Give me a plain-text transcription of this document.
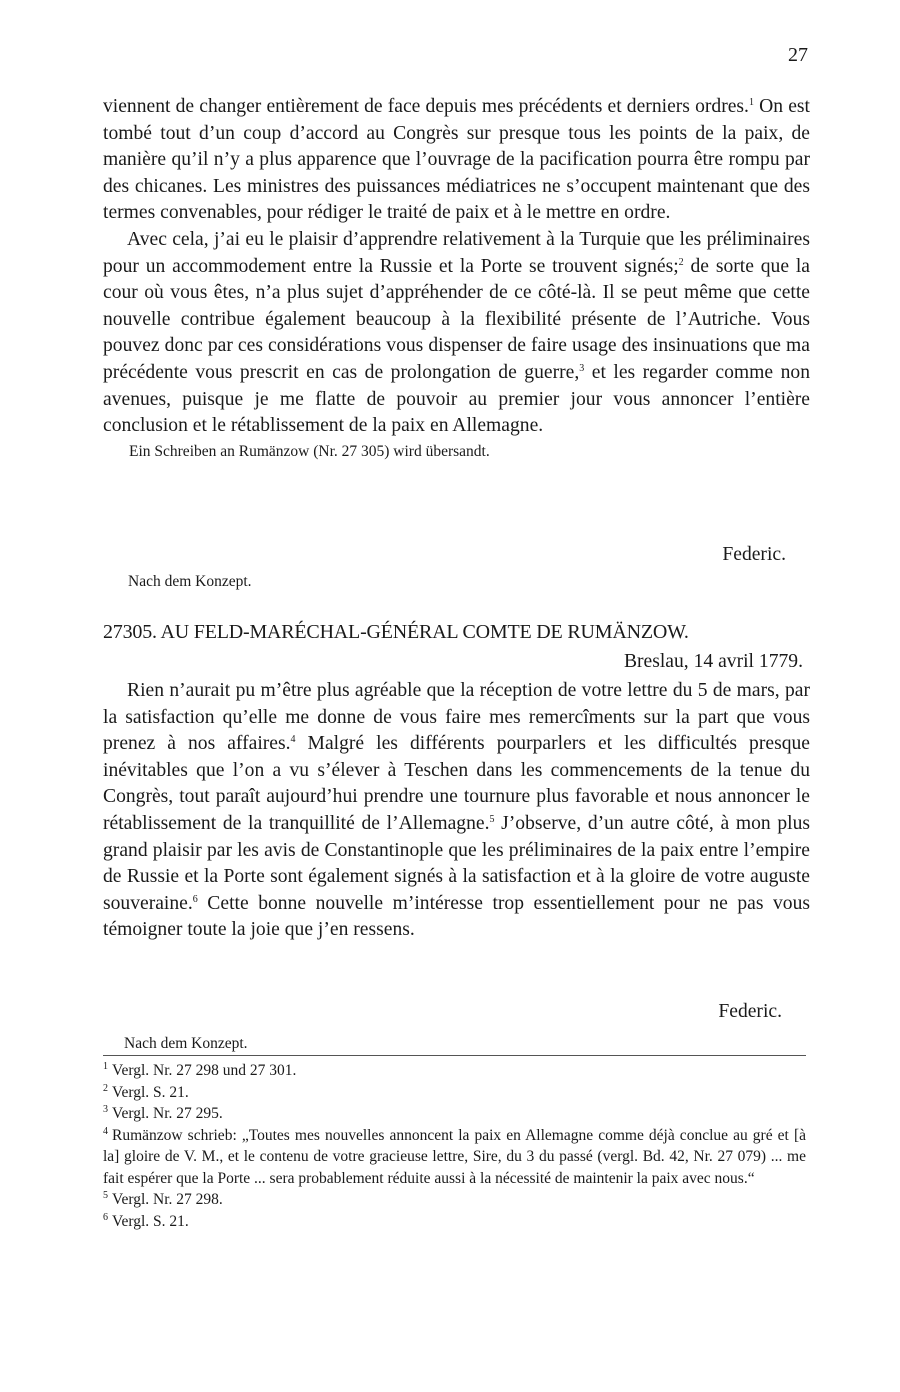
27

viennent de changer entièrement de face depuis mes précédents et derniers ordres.$^1$ On est tombé tout d’un coup d’accord au Congrès sur presque tous les points de la paix, de manière qu’il n’y a plus apparence que l’ouvrage de la pacification pourra être rompu par des chicanes. Les ministres des puissances médiatrices ne s’occupent maintenant que des termes convenables, pour rédiger le traité de paix et à le mettre en ordre.

Avec cela, j’ai eu le plaisir d’apprendre relativement à la Turquie que les préliminaires pour un accommodement entre la Russie et la Porte se trouvent signés;$^2$ de sorte que la cour où vous êtes, n’a plus sujet d’appréhender de ce côté-là. Il se peut même que cette nouvelle contribue également beaucoup à la flexibilité présente de l’Autriche. Vous pouvez donc par ces considérations vous dispenser de faire usage des insinuations que ma précédente vous prescrit en cas de prolongation de guerre,$^3$ et les regarder comme non avenues, puisque je me flatte de pouvoir au premier jour vous annoncer l’entière conclusion et le rétablissement de la paix en Allemagne.

Ein Schreiben an Rumänzow (Nr. 27 305) wird übersandt.

Federic.
Nach dem Konzept.
27305. AU FELD-MARÉCHAL-GÉNÉRAL COMTE DE RUMÄNZOW.
Breslau, 14 avril 1779.

Rien n’aurait pu m’être plus agréable que la réception de votre lettre du 5 de mars, par la satisfaction qu’elle me donne de vous faire mes remercîments sur la part que vous prenez à nos affaires.$^4$ Malgré les différents pourparlers et les difficultés presque inévitables que l’on a vu s’élever à Teschen dans les commencements de la tenue du Congrès, tout paraît aujourd’hui prendre une tournure plus favorable et nous annoncer le rétablissement de la tranquillité de l’Allemagne.$^5$ J’observe, d’un autre côté, à mon plus grand plaisir par les avis de Constantinople que les préliminaires de la paix entre l’empire de Russie et la Porte sont également signés à la satisfaction et à la gloire de votre auguste souveraine.$^6$ Cette bonne nouvelle m’intéresse trop essentiellement pour ne pas vous témoigner toute la joie que j’en ressens.

Federic.
Nach dem Konzept.

$^1$ Vergl. Nr. 27 298 und 27 301.

$^2$ Vergl. S. 21.

$^3$ Vergl. Nr. 27 295.

$^4$ Rumänzow schrieb: „Toutes mes nouvelles annoncent la paix en Allemagne comme déjà conclue au gré et [à la] gloire de V. M., et le contenu de votre gracieuse lettre, Sire, du 3 du passé (vergl. Bd. 42, Nr. 27 079) ... me fait espérer que la Porte ... sera probablement réduite aussi à la nécessité de maintenir la paix avec nous.“

$^5$ Vergl. Nr. 27 298.

$^6$ Vergl. S. 21.
